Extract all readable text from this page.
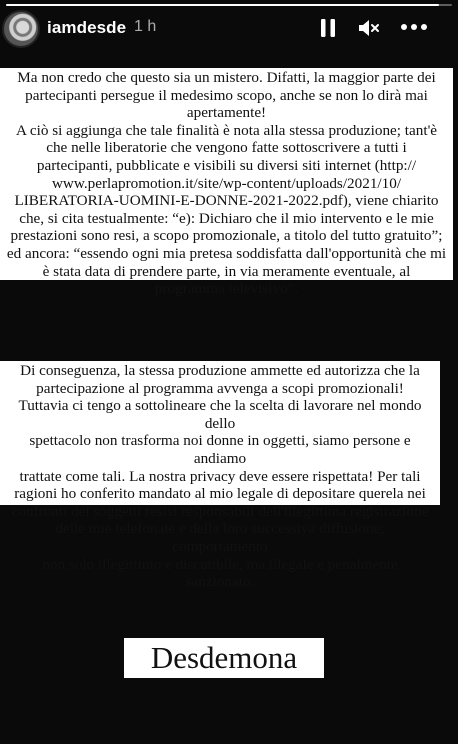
iamdesde 1 h
Ma non credo che questo sia un mistero. Difatti, la maggior parte dei
partecipanti persegue il medesimo scopo, anche se non lo dirà mai
apertamente!
A ciò si aggiunga che tale finalità è nota alla stessa produzione; tant'è
che nelle liberatorie che vengono fatte sottoscrivere a tutti i
partecipanti, pubblicate e visibili su diversi siti internet (http://
www.perlapromotion.it/site/wp-content/uploads/2021/10/
LIBERATORIA-UOMINI-E-DONNE-2021-2022.pdf), viene chiarito
che, si cita testualmente: “e): Dichiaro che il mio intervento e le mie
prestazioni sono resi, a scopo promozionale, a titolo del tutto gratuito”;
ed ancora: “essendo ogni mia pretesa soddisfatta dall'opportunità che mi
è stata data di prendere parte, in via meramente eventuale, al
programma televisivo”.
Di conseguenza, la stessa produzione ammette ed autorizza che la
partecipazione al programma avvenga a scopi promozionali!
Tuttavia ci tengo a sottolineare che la scelta di lavorare nel mondo dello
spettacolo non trasforma noi donne in oggetti, siamo persone e andiamo
trattate come tali. La nostra privacy deve essere rispettata! Per tali
ragioni ho conferito mandato al mio legale di depositare querela nei
confronti dei soggetti resisi responsabili dell'illegittima registrazione
delle mie telefonate e della loro successiva diffusione; comportamento
non solo illegittimo e discutibile, ma illegale e penalmente sanzionato.
Desdemona
